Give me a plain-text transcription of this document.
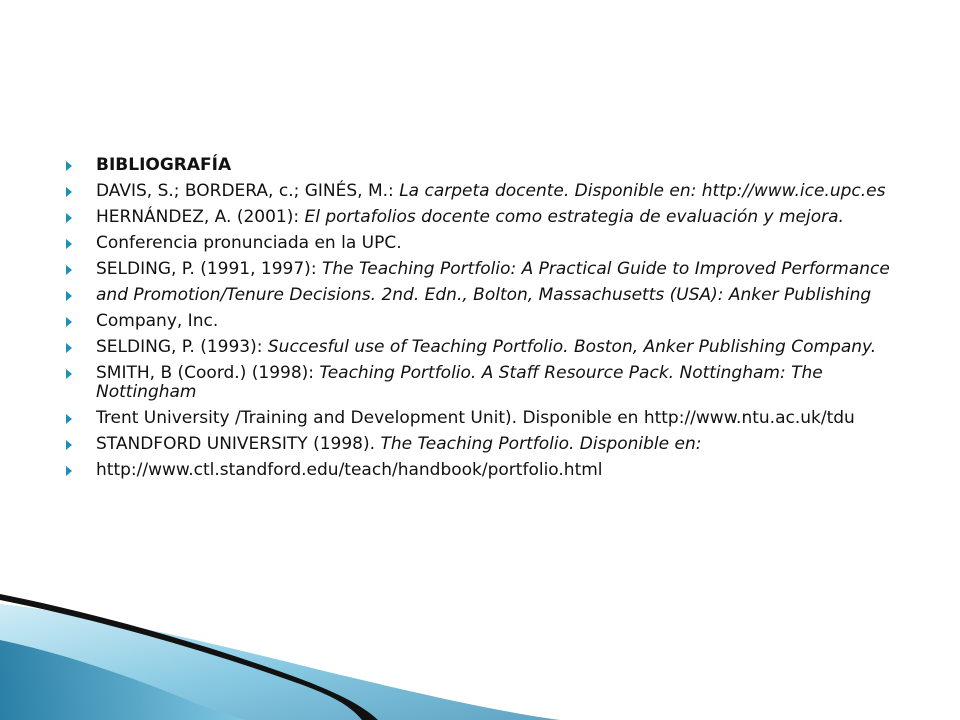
BIBLIOGRAFÍA
DAVIS, S.; BORDERA, c.; GINÉS, M.: La carpeta docente. Disponible en: http://www.ice.upc.es
HERNÁNDEZ, A. (2001): El portafolios docente como estrategia de evaluación y mejora.
Conferencia pronunciada en la UPC.
SELDING, P. (1991, 1997): The Teaching Portfolio: A Practical Guide to Improved Performance
and Promotion/Tenure Decisions. 2nd. Edn., Bolton, Massachusetts (USA): Anker Publishing
Company, Inc.
SELDING, P. (1993): Succesful use of Teaching Portfolio. Boston, Anker Publishing Company.
SMITH, B (Coord.) (1998): Teaching Portfolio. A Staff Resource Pack. Nottingham: The Nottingham
Trent University /Training and Development Unit). Disponible en http://www.ntu.ac.uk/tdu
STANDFORD UNIVERSITY (1998). The Teaching Portfolio. Disponible en:
http://www.ctl.standford.edu/teach/handbook/portfolio.html
